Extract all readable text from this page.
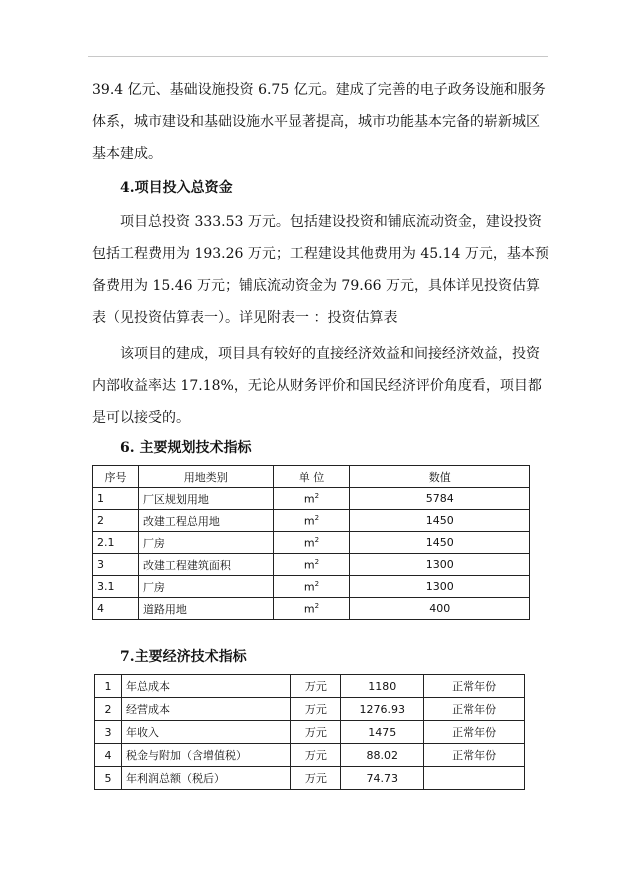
39.4 亿元、基础设施投资 6.75 亿元。建成了完善的电子政务设施和服务体系，城市建设和基础设施水平显著提高，城市功能基本完备的崭新城区基本建成。

4.项目投入总资金

项目总投资 333.53 万元。包括建设投资和铺底流动资金，建设投资包括工程费用为 193.26 万元；工程建设其他费用为 45.14 万元，基本预备费用为 15.46 万元；铺底流动资金为 79.66 万元，具体详见投资估算表（见投资估算表一）。详见附表一 ：投资估算表

该项目的建成，项目具有较好的直接经济效益和间接经济效益，投资内部收益率达 17.18%，无论从财务评价和国民经济评价角度看，项目都是可以接受的。

6. 主要规划技术指标

序号	用地类别	单 位	数值
1	厂区规划用地	$m^2$	5784
2	改建工程总用地	$m^2$	1450
2.1	厂房	$m^2$	1450
3	改建工程建筑面积	$m^2$	1300
3.1	厂房	$m^2$	1300
4	道路用地	$m^2$	400

7.主要经济技术指标

1	年总成本	万元	1180	正常年份
2	经营成本	万元	1276.93	正常年份
3	年收入	万元	1475	正常年份
4	税金与附加（含增值税）	万元	88.02	正常年份
5	年利润总额（税后）	万元	74.73	
